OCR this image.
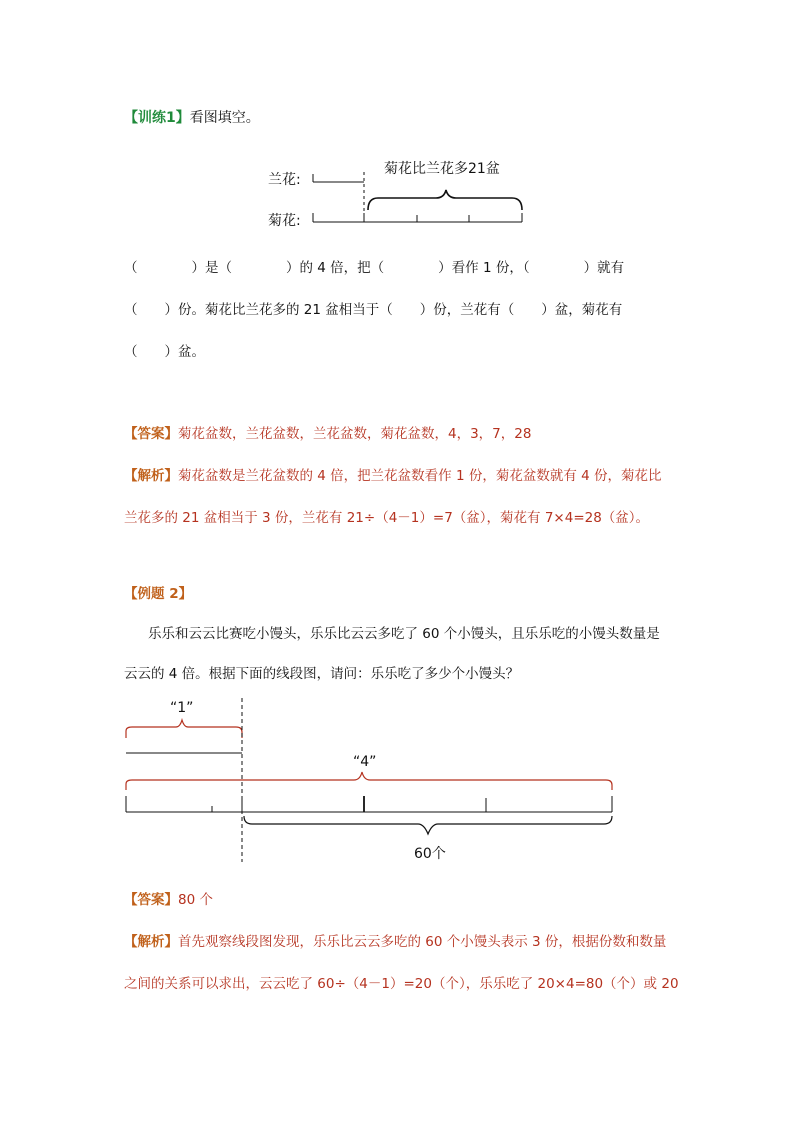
【训练1】看图填空。
菊花比兰花多21盆
兰花:
菊花:
（　　　　）是（　　　　）的 4 倍，把（　　　　）看作 1 份，（　　　　）就有
（　　）份。菊花比兰花多的 21 盆相当于（　　）份，兰花有（　　）盆，菊花有
（　　）盆。
【答案】菊花盆数，兰花盆数，兰花盆数，菊花盆数，4，3，7，28
【解析】菊花盆数是兰花盆数的 4 倍，把兰花盆数看作 1 份，菊花盆数就有 4 份，菊花比
兰花多的 21 盆相当于 3 份，兰花有 21÷（4－1）=7（盆），菊花有 7×4=28（盆）。
【例题 2】
乐乐和云云比赛吃小馒头，乐乐比云云多吃了 60 个小馒头，且乐乐吃的小馒头数量是
云云的 4 倍。根据下面的线段图，请问：乐乐吃了多少个小馒头？
“1”
“4”
60个
【答案】80 个
【解析】首先观察线段图发现，乐乐比云云多吃的 60 个小馒头表示 3 份，根据份数和数量
之间的关系可以求出，云云吃了 60÷（4－1）=20（个），乐乐吃了 20×4=80（个）或 20
